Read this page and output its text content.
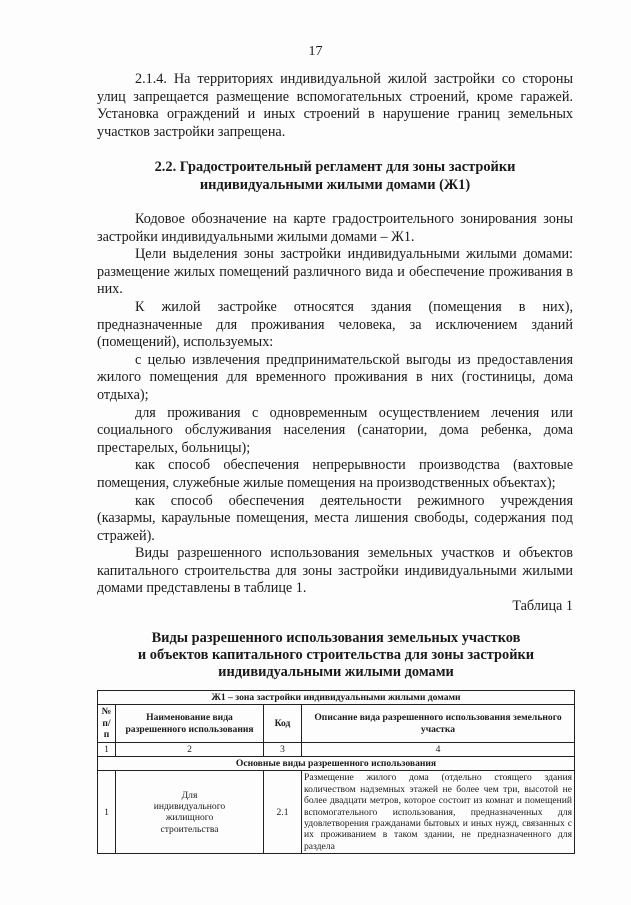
17

2.1.4. На территориях индивидуальной жилой застройки со стороны улиц запрещается размещение вспомогательных строений, кроме гаражей. Установка ограждений и иных строений в нарушение границ земельных участков застройки запрещена.

2.2. Градостроительный регламент для зоны застройки
индивидуальными жилыми домами (Ж1)

Кодовое обозначение на карте градостроительного зонирования зоны застройки индивидуальными жилыми домами – Ж1.

Цели выделения зоны застройки индивидуальными жилыми домами: размещение жилых помещений различного вида и обеспечение проживания в них.

К жилой застройке относятся здания (помещения в них), предназначенные для проживания человека, за исключением зданий (помещений), используемых:

с целью извлечения предпринимательской выгоды из предоставления жилого помещения для временного проживания в них (гостиницы, дома отдыха);

для проживания с одновременным осуществлением лечения или социального обслуживания населения (санатории, дома ребенка, дома престарелых, больницы);

как способ обеспечения непрерывности производства (вахтовые помещения, служебные жилые помещения на производственных объектах);

как способ обеспечения деятельности режимного учреждения (казармы, караульные помещения, места лишения свободы, содержания под стражей).

Виды разрешенного использования земельных участков и объектов капитального строительства для зоны застройки индивидуальными жилыми домами представлены в таблице 1.

Таблица 1
Виды разрешенного использования земельных участков
и объектов капитального строительства для зоны застройки
индивидуальными жилыми домами
Ж1 – зона застройки индивидуальными жилыми домами			
№ п/п	Наименование вида разрешенного использования	Код	Описание вида разрешенного использования земельного участка
1	2	3	4
Основные виды разрешенного использования			
1	Для индивидуального жилищного строительства	2.1	Размещение жилого дома (отдельно стоящего здания количеством надземных этажей не более чем три, высотой не более двадцати метров, которое состоит из комнат и помещений вспомогательного использования, предназначенных для удовлетворения гражданами бытовых и иных нужд, связанных с их проживанием в таком здании, не предназначенного для раздела
